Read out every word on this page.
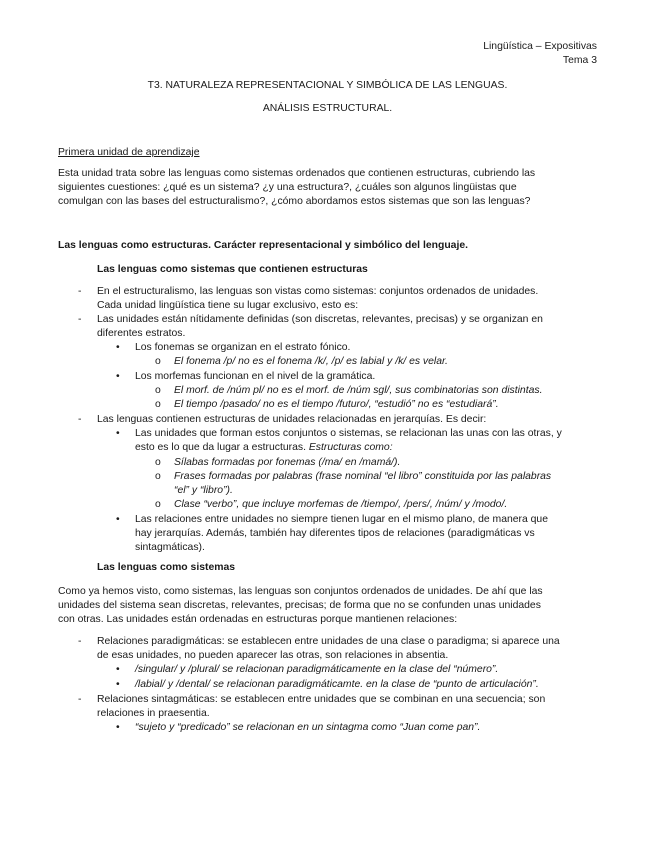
Lingüística – Expositivas
Tema 3
T3. NATURALEZA REPRESENTACIONAL Y SIMBÓLICA DE LAS LENGUAS.
ANÁLISIS ESTRUCTURAL.
Primera unidad de aprendizaje
Esta unidad trata sobre las lenguas como sistemas ordenados que contienen estructuras, cubriendo las
siguientes cuestiones: ¿qué es un sistema? ¿y una estructura?, ¿cuáles son algunos lingüistas que
comulgan con las bases del estructuralismo?, ¿cómo abordamos estos sistemas que son las lenguas?
Las lenguas como estructuras. Carácter representacional y simbólico del lenguaje.
Las lenguas como sistemas que contienen estructuras
- En el estructuralismo, las lenguas son vistas como sistemas: conjuntos ordenados de unidades.
Cada unidad lingüística tiene su lugar exclusivo, esto es:
- Las unidades están nítidamente definidas (son discretas, relevantes, precisas) y se organizan en
diferentes estratos.
• Los fonemas se organizan en el estrato fónico.
o El fonema /p/ no es el fonema /k/, /p/ es labial y /k/ es velar.
• Los morfemas funcionan en el nivel de la gramática.
o El morf. de /núm pl/ no es el morf. de /núm sgl/, sus combinatorias son distintas.
o El tiempo /pasado/ no es el tiempo /futuro/, “estudió” no es “estudiará”.
- Las lenguas contienen estructuras de unidades relacionadas en jerarquías. Es decir:
• Las unidades que forman estos conjuntos o sistemas, se relacionan las unas con las otras, y
esto es lo que da lugar a estructuras. Estructuras como:
o Sílabas formadas por fonemas (/ma/ en /mamá/).
o Frases formadas por palabras (frase nominal “el libro” constituida por las palabras
“el” y “libro”).
o Clase “verbo”, que incluye morfemas de /tiempo/, /pers/, /núm/ y /modo/.
• Las relaciones entre unidades no siempre tienen lugar en el mismo plano, de manera que
hay jerarquías. Además, también hay diferentes tipos de relaciones (paradigmáticas vs
sintagmáticas).
Las lenguas como sistemas
Como ya hemos visto, como sistemas, las lenguas son conjuntos ordenados de unidades. De ahí que las
unidades del sistema sean discretas, relevantes, precisas; de forma que no se confunden unas unidades
con otras. Las unidades están ordenadas en estructuras porque mantienen relaciones:
- Relaciones paradigmáticas: se establecen entre unidades de una clase o paradigma; si aparece una
de esas unidades, no pueden aparecer las otras, son relaciones in absentia.
• /singular/ y /plural/ se relacionan paradigmáticamente en la clase del “número”.
• /labial/ y /dental/ se relacionan paradigmáticamte. en la clase de “punto de articulación”.
- Relaciones sintagmáticas: se establecen entre unidades que se combinan en una secuencia; son
relaciones in praesentia.
• “sujeto y “predicado” se relacionan en un sintagma como “Juan come pan”.
